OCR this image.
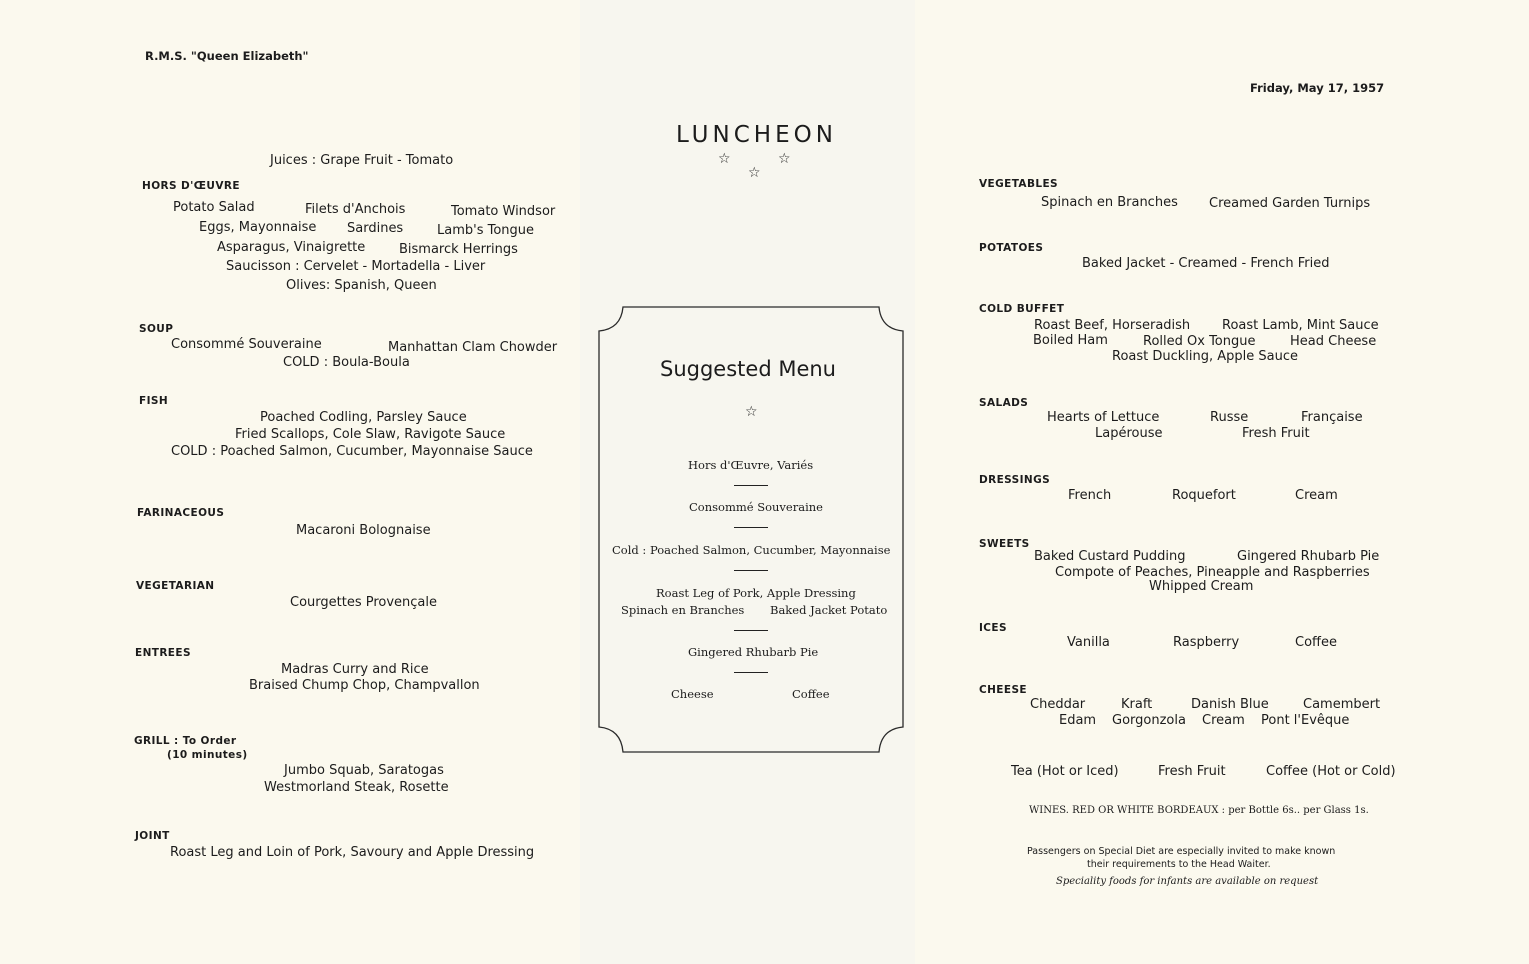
R.M.S. "Queen Elizabeth"
Juices : Grape Fruit - Tomato
HORS D'ŒUVRE
Potato Salad	Filets d'Anchois	Tomato Windsor
Eggs, Mayonnaise Sardines	Lamb's Tongue
Asparagus, Vinaigrette	Bismarck Herrings
Saucisson : Cervelet - Mortadella - Liver
Olives: Spanish, Queen
SOUP
Consommé Souveraine	Manhattan Clam Chowder
COLD : Boula-Boula
FISH
Poached Codling, Parsley Sauce
Fried Scallops, Cole Slaw, Ravigote Sauce
COLD : Poached Salmon, Cucumber, Mayonnaise Sauce
FARINACEOUS
Macaroni Bolognaise
VEGETARIAN
Courgettes Provençale
ENTREES
Madras Curry and Rice
Braised Chump Chop, Champvallon
GRILL : To Order
(10 minutes)
Jumbo Squab, Saratogas
Westmorland Steak, Rosette
JOINT
Roast Leg and Loin of Pork, Savoury and Apple Dressing
LUNCHEON
☆	☆
☆
Suggested Menu
☆
Hors d'Œuvre, Variés
Consommé Souveraine
Cold : Poached Salmon, Cucumber, Mayonnaise
Roast Leg of Pork, Apple Dressing
Spinach en Branches Baked Jacket Potato
Gingered Rhubarb Pie
Cheese	Coffee
Friday, May 17, 1957
VEGETABLES
Spinach en Branches Creamed Garden Turnips
POTATOES
Baked Jacket - Creamed - French Fried
COLD BUFFET
Roast Beef, Horseradish Roast Lamb, Mint Sauce
Boiled Ham	Rolled Ox Tongue	Head Cheese
Roast Duckling, Apple Sauce
SALADS
Hearts of Lettuce	Russe	Française
Lapérouse	Fresh Fruit
DRESSINGS
French	Roquefort	Cream
SWEETS
Baked Custard Pudding	Gingered Rhubarb Pie
Compote of Peaches, Pineapple and Raspberries
Whipped Cream
ICES
Vanilla	Raspberry	Coffee
CHEESE
Cheddar	Kraft	Danish Blue	Camembert
Edam Gorgonzola Cream Pont l'Evêque
Tea (Hot or Iced)	Fresh Fruit	Coffee (Hot or Cold)
WINES. RED OR WHITE BORDEAUX : per Bottle 6s.. per Glass 1s.
Passengers on Special Diet are especially invited to make known
their requirements to the Head Waiter.
Speciality foods for infants are available on request
